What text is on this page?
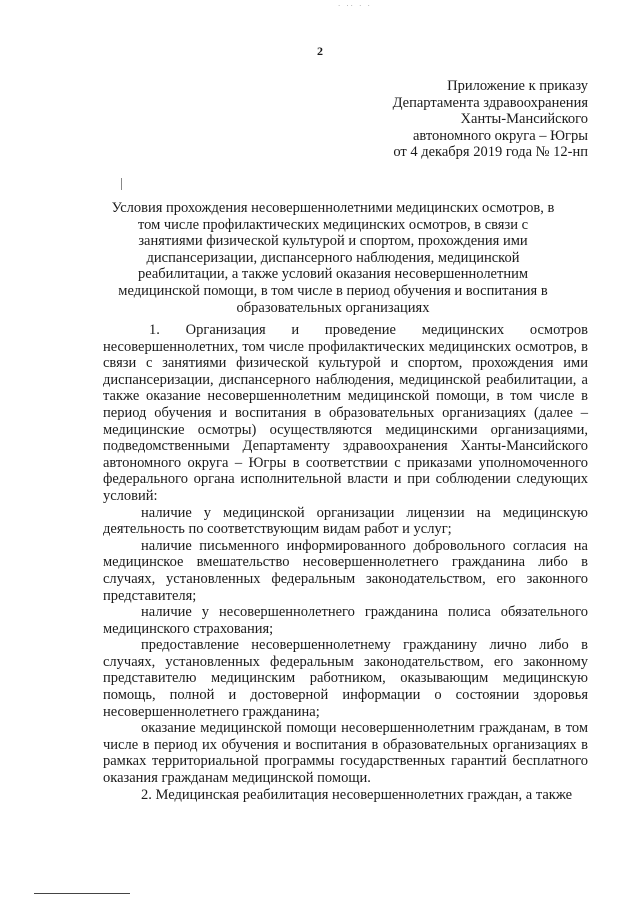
· ·· · ·
2
Приложение к приказу
Департамента здравоохранения
Ханты-Мансийского
автономного округа – Югры
от 4 декабря 2019 года № 12-нп
Условия прохождения несовершеннолетними медицинских осмотров, в том числе профилактических медицинских осмотров, в связи с занятиями физической культурой и спортом, прохождения ими диспансеризации, диспансерного наблюдения, медицинской реабилитации, а также условий оказания несовершеннолетним медицинской помощи, в том числе в период обучения и воспитания в образовательных организациях

1. Организация и проведение медицинских осмотров несовершеннолетних, том числе профилактических медицинских осмотров, в связи с занятиями физической культурой и спортом, прохождения ими диспансеризации, диспансерного наблюдения, медицинской реабилитации, а также оказание несовершеннолетним медицинской помощи, в том числе в период обучения и воспитания в образовательных организациях (далее – медицинские осмотры) осуществляются медицинскими организациями, подведомственными Департаменту здравоохранения Ханты-Мансийского автономного округа – Югры в соответствии с приказами уполномоченного федерального органа исполнительной власти и при соблюдении следующих условий:

наличие у медицинской организации лицензии на медицинскую деятельность по соответствующим видам работ и услуг;

наличие письменного информированного добровольного согласия на медицинское вмешательство несовершеннолетнего гражданина либо в случаях, установленных федеральным законодательством, его законного представителя;

наличие у несовершеннолетнего гражданина полиса обязательного медицинского страхования;

предоставление несовершеннолетнему гражданину лично либо в случаях, установленных федеральным законодательством, его законному представителю медицинским работником, оказывающим медицинскую помощь, полной и достоверной информации о состоянии здоровья несовершеннолетнего гражданина;

оказание медицинской помощи несовершеннолетним гражданам, в том числе в период их обучения и воспитания в образовательных организациях в рамках территориальной программы государственных гарантий бесплатного оказания гражданам медицинской помощи.

2. Медицинская реабилитация несовершеннолетних граждан, а также
